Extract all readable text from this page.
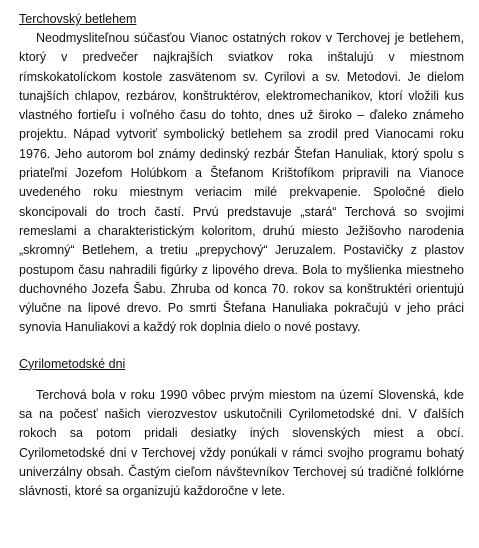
Terchovský betlehem

Neodmysliteľnou súčasťou Vianoc ostatných rokov v Terchovej je betlehem, ktorý v predvečer najkrajších sviatkov roka inštalujú v miestnom rímskokatolíckom kostole zasvätenom sv. Cyrilovi a sv. Metodovi. Je dielom tunajších chlapov, rezbárov, konštruktérov, elektromechanikov, ktorí vložili kus vlastného fortieľu i voľného času do tohto, dnes už široko – ďaleko známeho projektu. Nápad vytvoriť symbolický betlehem sa zrodil pred Vianocami roku 1976. Jeho autorom bol známy dedinský rezbár Štefan Hanuliak, ktorý spolu s priateľmi Jozefom Holúbkom a Štefanom Krištofíkom pripravili na Vianoce uvedeného roku miestnym veriacim milé prekvapenie. Spoločné dielo skoncipovali do troch častí. Prvú predstavuje „stará“ Terchová so svojimi remeslami a charakteristickým koloritom, druhú miesto Ježišovho narodenia „skromný“ Betlehem, a tretiu „prepychový“ Jeruzalem. Postavičky z plastov postupom času nahradili figúrky z lipového dreva. Bola to myšlienka miestneho duchovného Jozefa Šabu. Zhruba od konca 70. rokov sa konštruktéri orientujú výlučne na lipové drevo. Po smrti Štefana Hanuliaka pokračujú v jeho práci synovia Hanuliakovi a každý rok doplnia dielo o nové postavy.

Cyrilometodské dni

Terchová bola v roku 1990 vôbec prvým miestom na území Slovenská, kde sa na počesť našich vierozvestov uskutočnili Cyrilometodské dni. V ďalších rokoch sa potom pridali desiatky iných slovenských miest a obcí. Cyrilometodské dni v Terchovej vždy ponúkali v rámci svojho programu bohatý univerzálny obsah. Častým cieľom návštevníkov Terchovej sú tradičné folklórne slávnosti, ktoré sa organizujú každoročne v lete.
